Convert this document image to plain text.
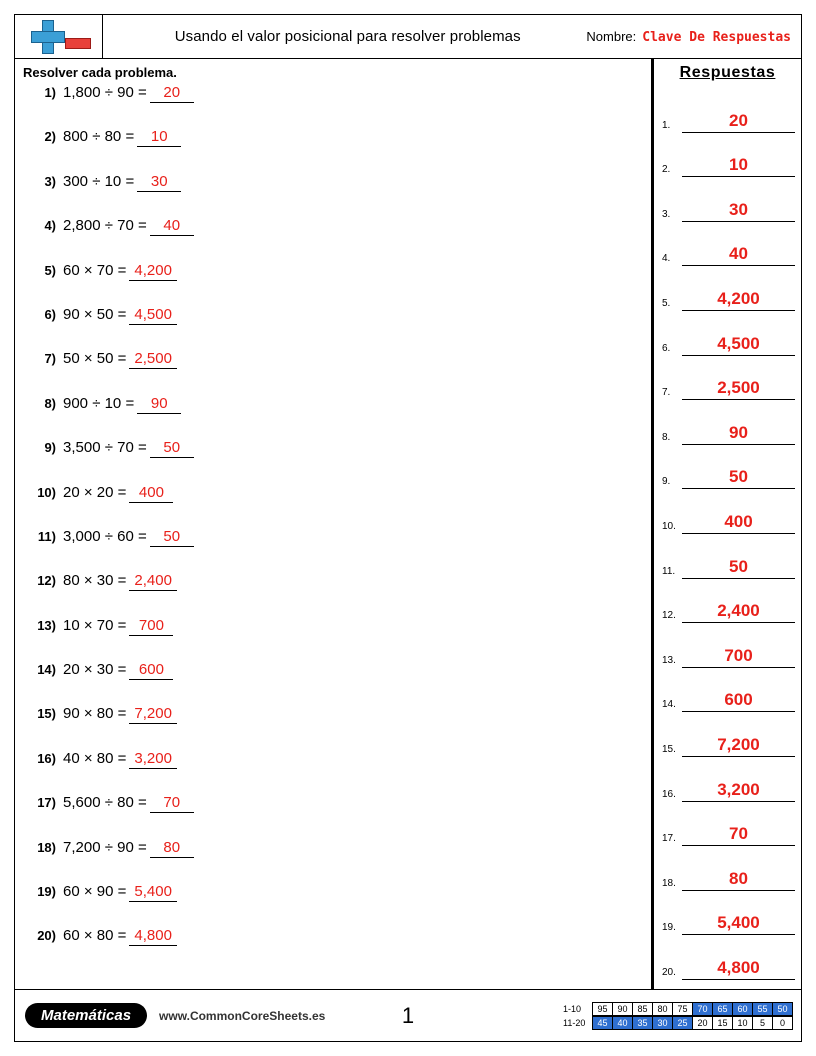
Usando el valor posicional para resolver problemas	Nombre: Clave De Respuestas
Resolver cada problema.
1) 1,800 ÷ 90 =	20
2) 800 ÷ 80 =	10
3) 300 ÷ 10 =	30
4) 2,800 ÷ 70 =	40
5) 60 × 70 = 4,200
6) 90 × 50 = 4,500
7) 50 × 50 = 2,500
8) 900 ÷ 10 =	90
9) 3,500 ÷ 70 =	50
10) 20 × 20 = 400
11) 3,000 ÷ 60 =	50
12) 80 × 30 = 2,400
13) 10 × 70 = 700
14) 20 × 30 = 600
15) 90 × 80 = 7,200
16) 40 × 80 = 3,200
17) 5,600 ÷ 80 =	70
18) 7,200 ÷ 90 =	80
19) 60 × 90 = 5,400
20) 60 × 80 = 4,800
Respuestas
1.	20
2.	10
3.	30
4.	40
5.	4,200
6.	4,500
7.	2,500
8.	90
9.	50
10.	400
11.	50
12.	2,400
13.	700
14.	600
15.	7,200
16.	3,200
17.	70
18.	80
19.	5,400
20.	4,800
Matemáticas	www.CommonCoreSheets.es	1	1-10	95	90	85	80	75	70	65	60	55	50
11-20	45	40	35	30	25	20	15	10	5	0
